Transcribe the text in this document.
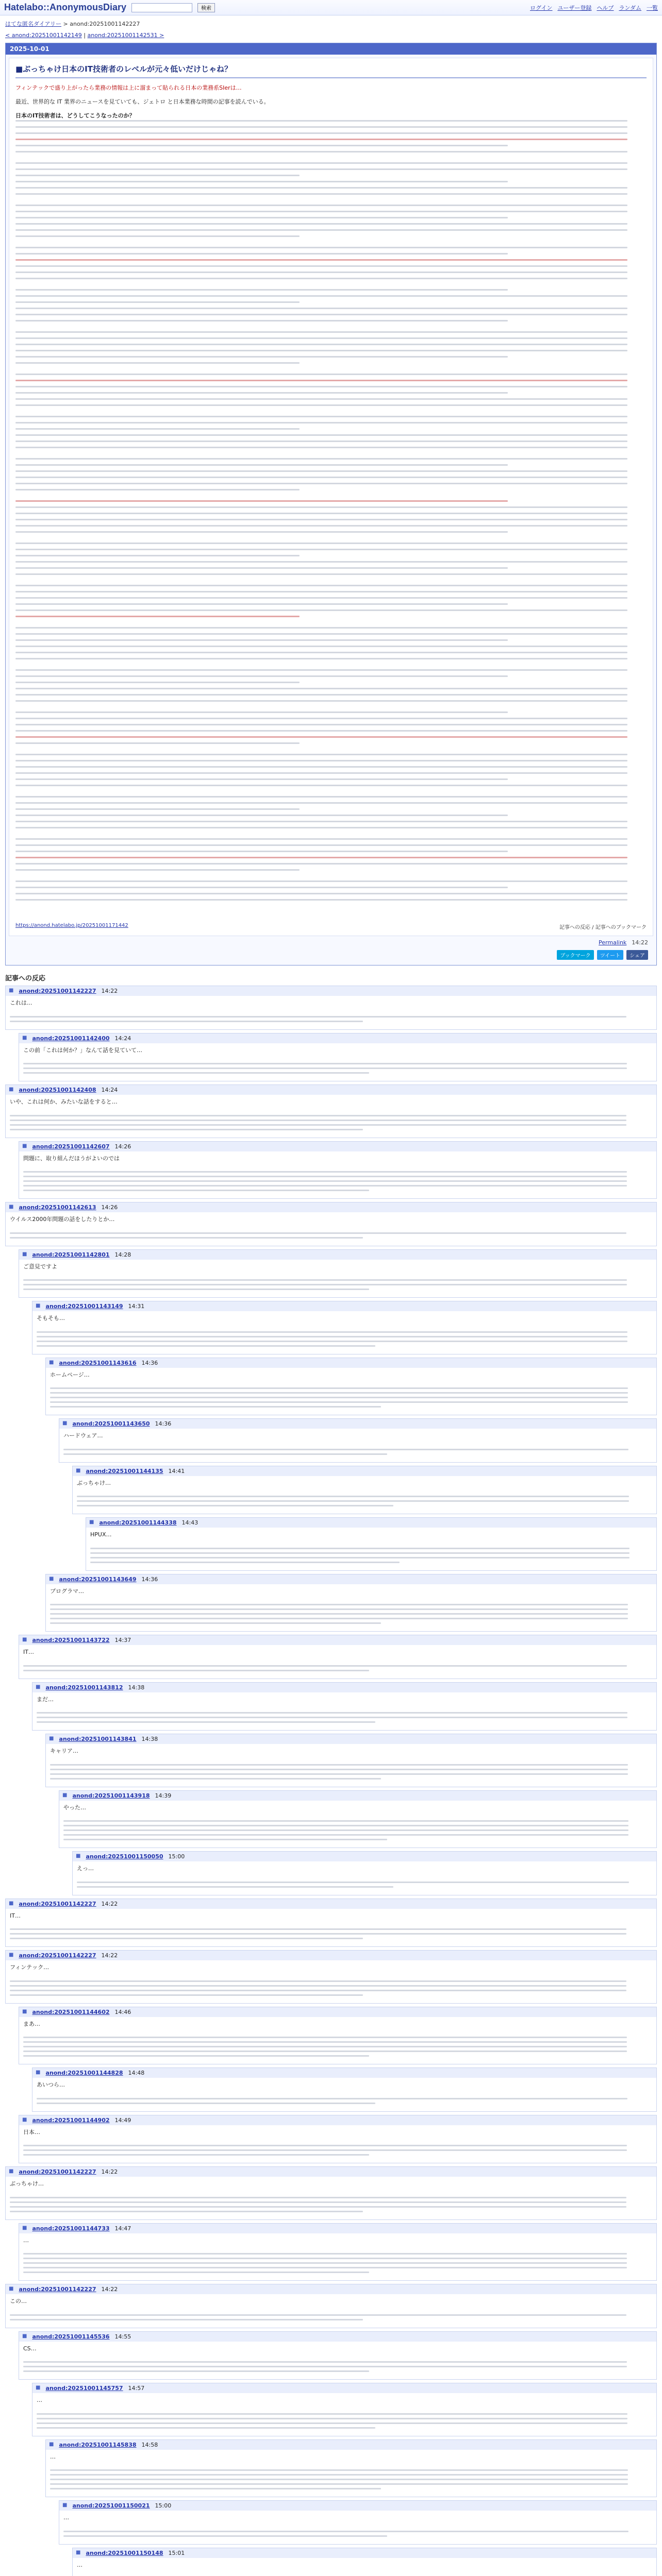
Hatelabo::AnonymousDiary	検索	ログイン ユーザー登録 ヘルプ ランダム 一覧
はてな匿名ダイアリー > anond:20251001142227
< anond:20251001142149 | anond:20251001142531 >
2025-10-01
■ぶっちゃけ日本のIT技術者のレベルが元々低いだけじゃね？

フィンテックで盛り上がったら業務の情報は上に溜まって貼られる日本の業務系SIerは…

最近、世界的な IT 業界のニュースを見ていても、ジェトロ と日本業務な時間の記事を読んでいる。

日本のIT技術者は、どうしてこうなったのか？

https://anond.hatelabo.jp/20251001171442	記事への反応 / 記事へのブックマーク
Permalink 14:22
ブックマーク	ツイート	シェア
記事への反応
■ anond:20251001142227 14:22
これは...
■ anond:20251001142400 14:24
この前「これは何か？」なんて話を見ていて…
■ anond:20251001142408 14:24
いや、これは何か、みたいな話をすると…
■ anond:20251001142607 14:26
問題に、取り組んだほうがよいのでは
■ anond:20251001142613 14:26
ウイルス2000年問題の話をしたりとか…
■ anond:20251001142801 14:28
ご意見ですよ
■ anond:20251001143149 14:31
そもそも…
■ anond:20251001143616 14:36
ホームページ…
■ anond:20251001143650 14:36
ハードウェア…
■ anond:20251001144135 14:41
ぶっちゃけ…
■ anond:20251001144338 14:43
HPUX…
■ anond:20251001143649 14:36
プログラマ…
■ anond:20251001143722 14:37
IT…
■ anond:20251001143812 14:38
まだ…
■ anond:20251001143841 14:38
キャリア…
■ anond:20251001143918 14:39
やった…
■ anond:20251001150050 15:00
えっ…
■ anond:20251001142227 14:22
IT…
■ anond:20251001142227 14:22
フィンテック…
■ anond:20251001144602 14:46
まあ…
■ anond:20251001144828 14:48
あいつら…
■ anond:20251001144902 14:49
日本…
■ anond:20251001142227 14:22
ぶっちゃけ…
■ anond:20251001144733 14:47
…
■ anond:20251001142227 14:22
この…
■ anond:20251001145536 14:55
CS…
■ anond:20251001145757 14:57
…
■ anond:20251001145838 14:58
…
■ anond:20251001150021 15:00
…
■ anond:20251001150148 15:01
…
